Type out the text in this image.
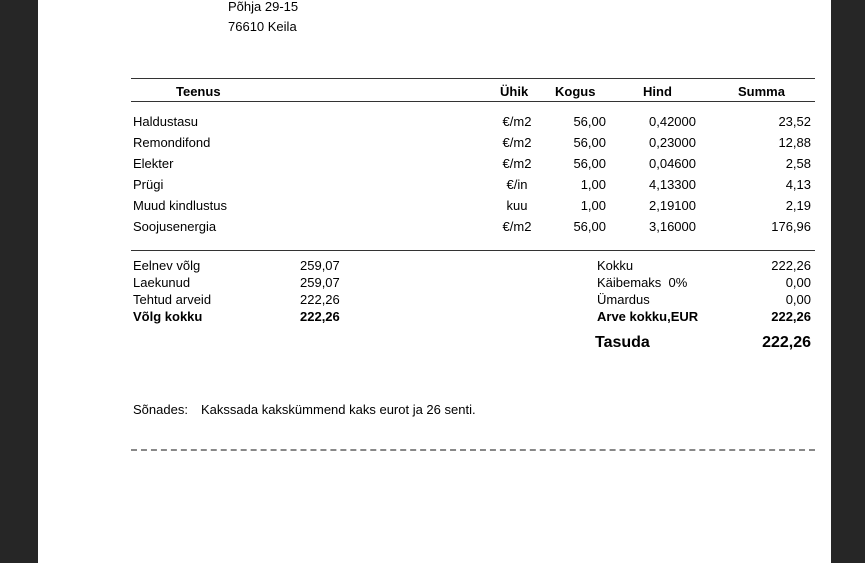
Põhja 29-15
76610 Keila
Teenus	Ühik Kogus	Hind	Summa
Haldustasu	€/m2	56,00	0,42000	23,52
Remondifond	€/m2	56,00	0,23000	12,88
Elekter	€/m2	56,00	0,04600	2,58
Prügi	€/in	1,00	4,13300	4,13
Muud kindlustus	kuu	1,00	2,19100	2,19
Soojusenergia	€/m2	56,00	3,16000	176,96
Eelnev võlg	259,07
Laekunud	259,07
Tehtud arveid	222,26
Võlg kokku	222,26
Kokku	222,26
Käibemaks  0%	0,00
Ümardus	0,00
Arve kokku,EUR	222,26
Tasuda	222,26
Sõnades: Kakssada kakskümmend kaks eurot ja 26 senti.
